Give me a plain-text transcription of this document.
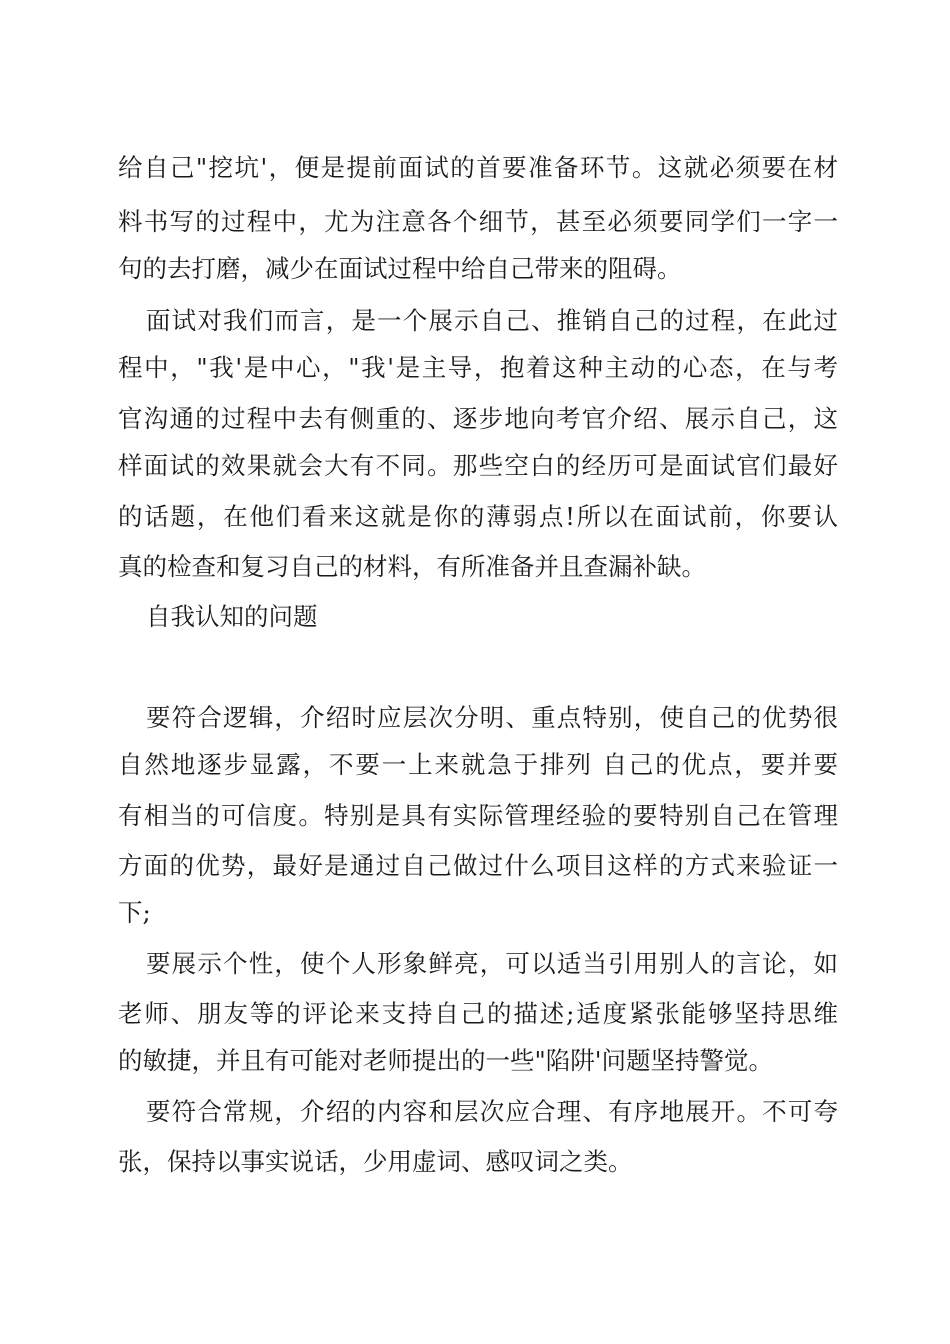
给自己"挖坑'，便是提前面试的首要准备环节。这就必须要在材
料书写的过程中，尤为注意各个细节，甚至必须要同学们一字一
句的去打磨，减少在面试过程中给自己带来的阻碍。
面试对我们而言，是一个展示自己、推销自己的过程，在此过
程中，"我'是中心，"我'是主导，抱着这种主动的心态，在与考
官沟通的过程中去有侧重的、逐步地向考官介绍、展示自己，这
样面试的效果就会大有不同。那些空白的经历可是面试官们最好
的话题，在他们看来这就是你的薄弱点!所以在面试前，你要认
真的检查和复习自己的材料，有所准备并且查漏补缺。
自我认知的问题
要符合逻辑，介绍时应层次分明、重点特别，使自己的优势很
自然地逐步显露，不要一上来就急于排列 自己的优点，要并要
有相当的可信度。特别是具有实际管理经验的要特别自己在管理
方面的优势，最好是通过自己做过什么项目这样的方式来验证一
下;
要展示个性，使个人形象鲜亮，可以适当引用别人的言论，如
老师、朋友等的评论来支持自己的描述;适度紧张能够坚持思维
的敏捷，并且有可能对老师提出的一些"陷阱'问题坚持警觉。
要符合常规，介绍的内容和层次应合理、有序地展开。不可夸
张，保持以事实说话，少用虚词、感叹词之类。
